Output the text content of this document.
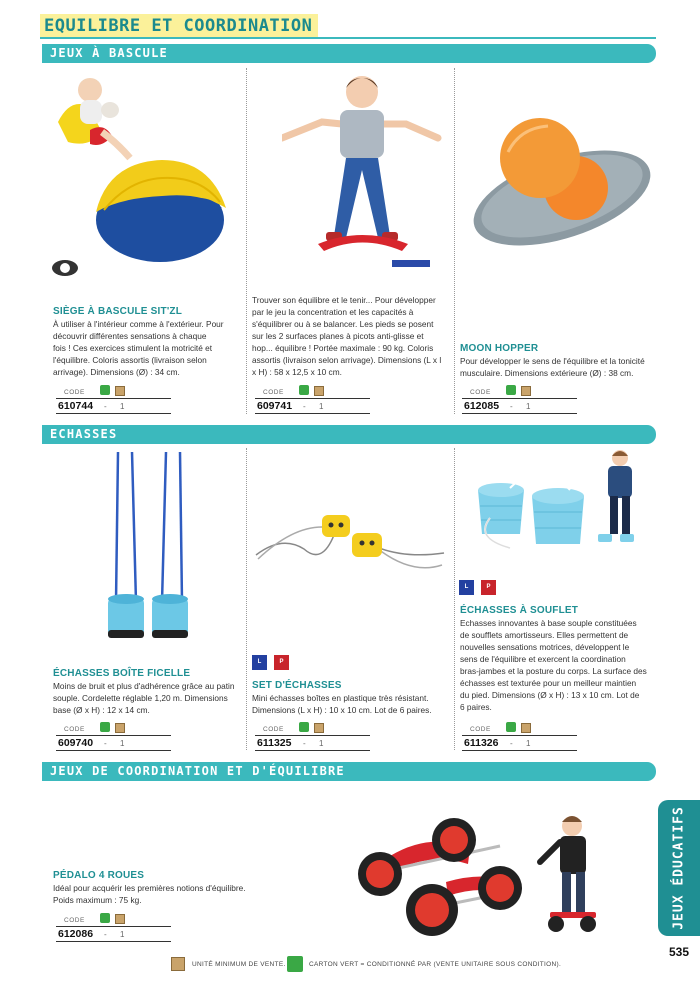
EQUILIBRE ET COORDINATION
JEUX À BASCULE
ECHASSES
JEUX DE COORDINATION ET D'ÉQUILIBRE
L	P
L	P
SIÈGE À BASCULE SIT'ZL
À utiliser à l'intérieur comme à l'extérieur. Pour
découvrir différentes sensations à chaque
fois ! Ces exercices stimulent la motricité et
l'équilibre. Coloris assortis (livraison selon
arrivage). Dimensions (Ø) : 34 cm.
Trouver son équilibre et le tenir... Pour développer
par le jeu la concentration et les capacités à
s'équilibrer ou à se balancer. Les pieds se posent
sur les 2 surfaces planes à picots anti-glisse et
hop... équilibre ! Portée maximale : 90 kg. Coloris
assortis (livraison selon arrivage). Dimensions (L x l
x H) : 58 x 12,5 x 10 cm.
MOON HOPPER
Pour développer le sens de l'équilibre et la tonicité
musculaire. Dimensions extérieure (Ø) : 38 cm.
ÉCHASSES BOÎTE FICELLE
Moins de bruit et plus d'adhérence grâce au patin
souple. Cordelette réglable 1,20 m. Dimensions
base (Ø x H) : 12 x 14 cm.
SET D'ÉCHASSES
Mini échasses boîtes en plastique très résistant.
Dimensions (L x H) : 10 x 10 cm. Lot de 6 paires.
ÉCHASSES À SOUFLET
Echasses innovantes à base souple constituées
de soufflets amortisseurs. Elles permettent de
nouvelles sensations motrices, développent le
sens de l'équilibre et exercent la coordination
bras-jambes et la posture du corps. La surface des
échasses est texturée pour un meilleur maintien
du pied. Dimensions (Ø x H) : 13 x 10 cm. Lot de
6 paires.
PÉDALO 4 ROUES
Idéal pour acquérir les premières notions d'équilibre.
Poids maximum : 75 kg.
CODE
610744 - 1
CODE
609741 - 1
CODE
612085 - 1
CODE
609740 - 1
CODE
611325 - 1
CODE
611326 - 1
CODE
612086 - 1
JEUX ÉDUCATIFS
535
UNITÉ MINIMUM DE VENTE.	CARTON VERT = CONDITIONNÉ PAR (VENTE UNITAIRE SOUS CONDITION).
